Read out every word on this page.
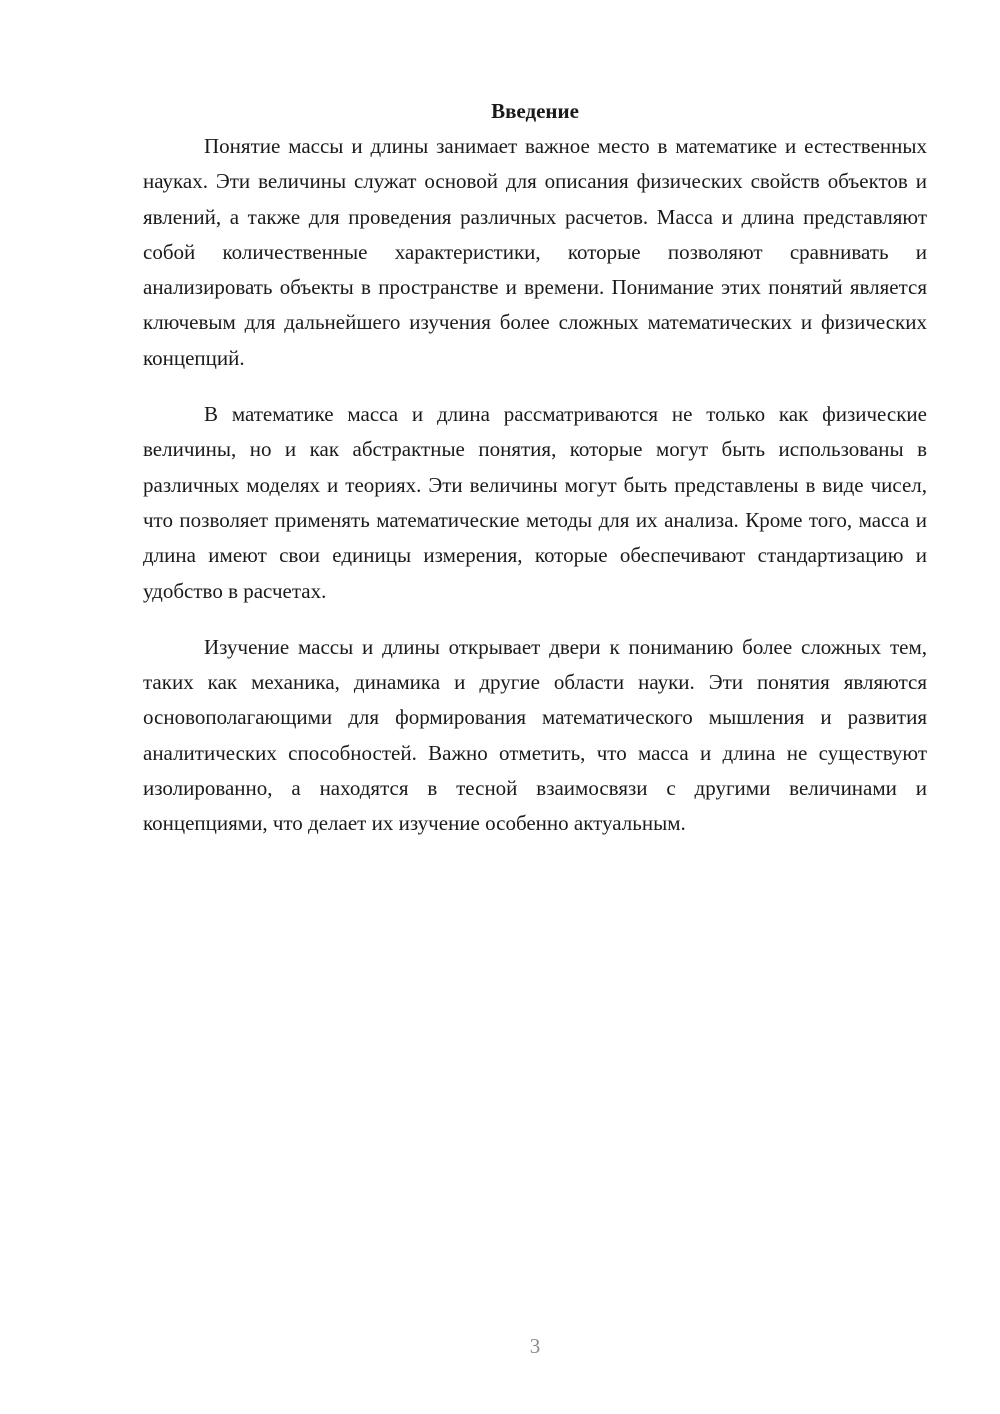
Введение

Понятие массы и длины занимает важное место в математике и естественных науках. Эти величины служат основой для описания физических свойств объектов и явлений, а также для проведения различных расчетов. Масса и длина представляют собой количественные характеристики, которые позволяют сравнивать и анализировать объекты в пространстве и времени. Понимание этих понятий является ключевым для дальнейшего изучения более сложных математических и физических концепций.

В математике масса и длина рассматриваются не только как физические величины, но и как абстрактные понятия, которые могут быть использованы в различных моделях и теориях. Эти величины могут быть представлены в виде чисел, что позволяет применять математические методы для их анализа. Кроме того, масса и длина имеют свои единицы измерения, которые обеспечивают стандартизацию и удобство в расчетах.

Изучение массы и длины открывает двери к пониманию более сложных тем, таких как механика, динамика и другие области науки. Эти понятия являются основополагающими для формирования математического мышления и развития аналитических способностей. Важно отметить, что масса и длина не существуют изолированно, а находятся в тесной взаимосвязи с другими величинами и концепциями, что делает их изучение особенно актуальным.

3
